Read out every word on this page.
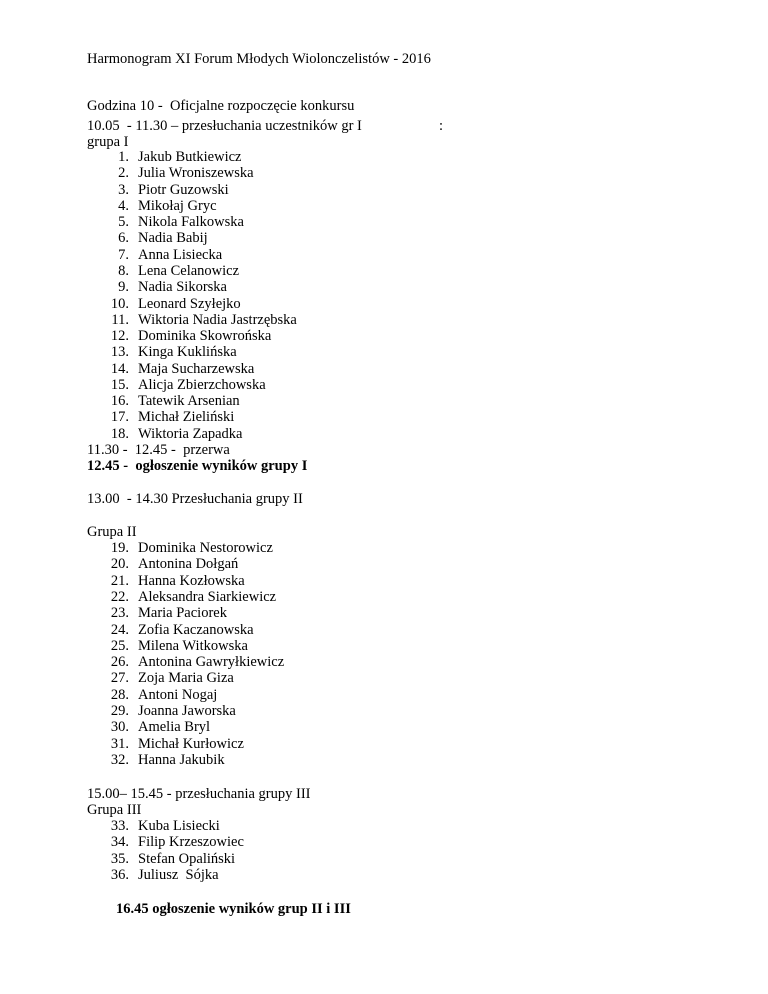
Harmonogram XI Forum Młodych Wiolonczelistów - 2016
Godzina 10 -  Oficjalne rozpoczęcie konkursu
10.05  - 11.30 – przesłuchania uczestników gr I	:
grupa I
1. Jakub Butkiewicz
2. Julia Wroniszewska
3. Piotr Guzowski
4. Mikołaj Gryc
5. Nikola Falkowska
6. Nadia Babij
7. Anna Lisiecka
8. Lena Celanowicz
9. Nadia Sikorska
10. Leonard Szyłejko
11. Wiktoria Nadia Jastrzębska
12. Dominika Skowrońska
13. Kinga Kuklińska
14. Maja Sucharzewska
15. Alicja Zbierzchowska
16. Tatewik Arsenian
17. Michał Zieliński
18. Wiktoria Zapadka
11.30 -  12.45 -  przerwa
12.45 -  ogłoszenie wyników grupy I
13.00  - 14.30 Przesłuchania grupy II
Grupa II
19. Dominika Nestorowicz
20. Antonina Dołgań
21. Hanna Kozłowska
22. Aleksandra Siarkiewicz
23. Maria Paciorek
24. Zofia Kaczanowska
25. Milena Witkowska
26. Antonina Gawryłkiewicz
27. Zoja Maria Giza
28. Antoni Nogaj
29. Joanna Jaworska
30. Amelia Bryl
31. Michał Kurłowicz
32. Hanna Jakubik
15.00– 15.45 - przesłuchania grupy III
Grupa III
33. Kuba Lisiecki
34. Filip Krzeszowiec
35. Stefan Opaliński
36. Juliusz  Sójka
16.45 ogłoszenie wyników grup II i III
